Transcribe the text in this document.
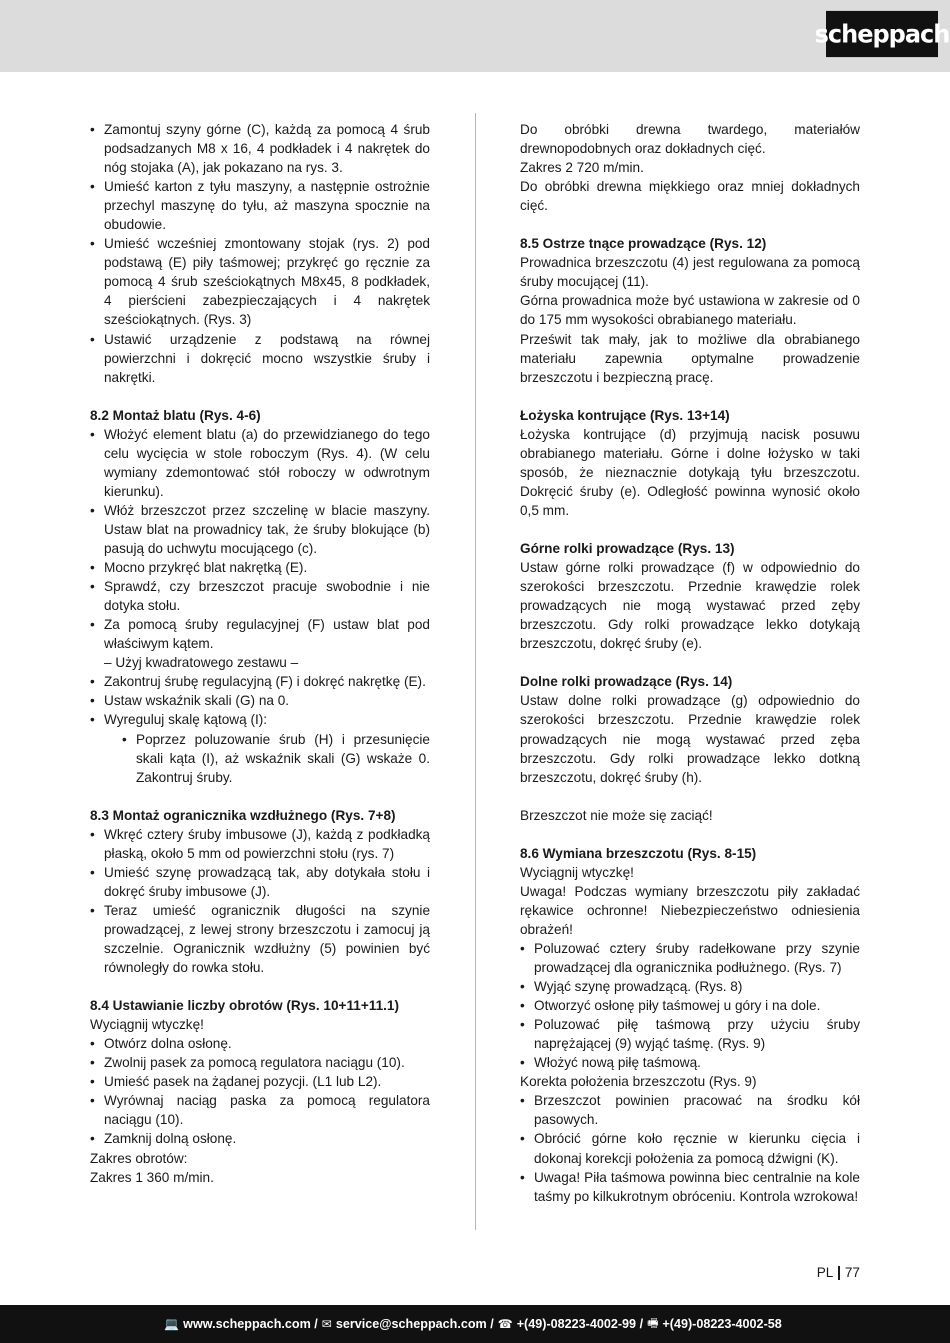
scheppach
• Zamontuj szyny górne (C), każdą za pomocą 4 śrub podsadzanych M8 x 16, 4 podkładek i 4 nakrętek do nóg stojaka (A), jak pokazano na rys. 3.
• Umieść karton z tyłu maszyny, a następnie ostrożnie przechyl maszynę do tyłu, aż maszyna spocznie na obudowie.
• Umieść wcześniej zmontowany stojak (rys. 2) pod podstawą (E) piły taśmowej; przykręć go ręcznie za pomocą 4 śrub sześciokątnych M8x45, 8 podkładek, 4 pierścieni zabezpieczających i 4 nakrętek sześciokątnych. (Rys. 3)
• Ustawić urządzenie z podstawą na równej powierzchni i dokręcić mocno wszystkie śruby i nakrętki.
8.2 Montaż blatu (Rys. 4-6)
• Włożyć element blatu (a) do przewidzianego do tego celu wycięcia w stole roboczym (Rys. 4). (W celu wymiany zdemontować stół roboczy w odwrotnym kierunku).
• Włóż brzeszczot przez szczelinę w blacie maszyny. Ustaw blat na prowadnicy tak, że śruby blokujące (b) pasują do uchwytu mocującego (c).
• Mocno przykręć blat nakrętką (E).
• Sprawdź, czy brzeszczot pracuje swobodnie i nie dotyka stołu.
• Za pomocą śruby regulacyjnej (F) ustaw blat pod właściwym kątem.
– Użyj kwadratowego zestawu –
• Zakontruj śrubę regulacyjną (F) i dokręć nakrętkę (E).
• Ustaw wskaźnik skali (G) na 0.
• Wyreguluj skalę kątową (I):
• Poprzez poluzowanie śrub (H) i przesunięcie skali kąta (I), aż wskaźnik skali (G) wskaże 0. Zakontruj śruby.
8.3 Montaż ogranicznika wzdłużnego (Rys. 7+8)
• Wkręć cztery śruby imbusowe (J), każdą z podkładką płaską, około 5 mm od powierzchni stołu (rys. 7)
• Umieść szynę prowadzącą tak, aby dotykała stołu i dokręć śruby imbusowe (J).
• Teraz umieść ogranicznik długości na szynie prowadzącej, z lewej strony brzeszczotu i zamocuj ją szczelnie. Ogranicznik wzdłużny (5) powinien być równoległy do rowka stołu.
8.4 Ustawianie liczby obrotów (Rys. 10+11+11.1)
Wyciągnij wtyczkę!
• Otwórz dolna osłonę.
• Zwolnij pasek za pomocą regulatora naciągu (10).
• Umieść pasek na żądanej pozycji. (L1 lub L2).
• Wyrównaj naciąg paska za pomocą regulatora naciągu (10).
• Zamknij dolną osłonę.
Zakres obrotów:
Zakres 1 360 m/min.
Do obróbki drewna twardego, materiałów drewnopodobnych oraz dokładnych cięć.
Zakres 2 720 m/min.
Do obróbki drewna miękkiego oraz mniej dokładnych cięć.
8.5 Ostrze tnące prowadzące (Rys. 12)
Prowadnica brzeszczotu (4) jest regulowana za pomocą śruby mocującej (11).
Górna prowadnica może być ustawiona w zakresie od 0 do 175 mm wysokości obrabianego materiału.
Prześwit tak mały, jak to możliwe dla obrabianego materiału zapewnia optymalne prowadzenie brzeszczotu i bezpieczną pracę.
Łożyska kontrujące (Rys. 13+14)
Łożyska kontrujące (d) przyjmują nacisk posuwu obrabianego materiału. Górne i dolne łożysko w taki sposób, że nieznacznie dotykają tyłu brzeszczotu. Dokręcić śruby (e). Odległość powinna wynosić około 0,5 mm.
Górne rolki prowadzące (Rys. 13)
Ustaw górne rolki prowadzące (f) w odpowiednio do szerokości brzeszczotu. Przednie krawędzie rolek prowadzących nie mogą wystawać przed zęby brzeszczotu. Gdy rolki prowadzące lekko dotykają brzeszczotu, dokręć śruby (e).
Dolne rolki prowadzące (Rys. 14)
Ustaw dolne rolki prowadzące (g) odpowiednio do szerokości brzeszczotu. Przednie krawędzie rolek prowadzących nie mogą wystawać przed zęba brzeszczotu. Gdy rolki prowadzące lekko dotkną brzeszczotu, dokręć śruby (h).
Brzeszczot nie może się zaciąć!
8.6 Wymiana brzeszczotu (Rys. 8-15)
Wyciągnij wtyczkę!
Uwaga! Podczas wymiany brzeszczotu piły zakładać rękawice ochronne! Niebezpieczeństwo odniesienia obrażeń!
• Poluzować cztery śruby radełkowane przy szynie prowadzącej dla ogranicznika podłużnego. (Rys. 7)
• Wyjąć szynę prowadzącą. (Rys. 8)
• Otworzyć osłonę piły taśmowej u góry i na dole.
• Poluzować piłę taśmową przy użyciu śruby naprężającej (9) wyjąć taśmę. (Rys. 9)
• Włożyć nową piłę taśmową.
Korekta położenia brzeszczotu (Rys. 9)
• Brzeszczot powinien pracować na środku kół pasowych.
• Obrócić górne koło ręcznie w kierunku cięcia i dokonaj korekcji położenia za pomocą dźwigni (K).
• Uwaga! Piła taśmowa powinna biec centralnie na kole taśmy po kilkukrotnym obróceniu. Kontrola wzrokowa!
PL 77
💻 www.scheppach.com / ✉ service@scheppach.com / ☎ +(49)-08223-4002-99 / 🖷 +(49)-08223-4002-58
